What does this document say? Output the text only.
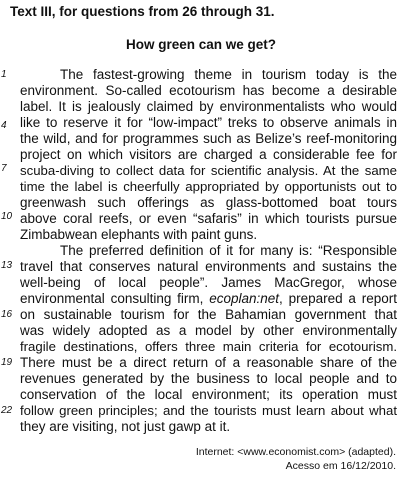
Text III, for questions from 26 through 31.
How green can we get?
1
4
7
10
13
16
19
22
The fastest-growing theme in tourism today is the
environment. So-called ecotourism has become a desirable
label. It is jealously claimed by environmentalists who would
like to reserve it for “low-impact” treks to observe animals in
the wild, and for programmes such as Belize’s reef-monitoring
project on which visitors are charged a considerable fee for
scuba-diving to collect data for scientific analysis. At the same
time the label is cheerfully appropriated by opportunists out to
greenwash such offerings as glass-bottomed boat tours
above coral reefs, or even “safaris” in which tourists pursue
Zimbabwean elephants with paint guns.
The preferred definition of it for many is: “Responsible
travel that conserves natural environments and sustains the
well-being of local people”. James MacGregor, whose
environmental consulting firm, ecoplan:net, prepared a report
on sustainable tourism for the Bahamian government that
was widely adopted as a model by other environmentally
fragile destinations, offers three main criteria for ecotourism.
There must be a direct return of a reasonable share of the
revenues generated by the business to local people and to
conservation of the local environment; its operation must
follow green principles; and the tourists must learn about what
they are visiting, not just gawp at it.
Internet: <www.economist.com> (adapted).
Acesso em 16/12/2010.
